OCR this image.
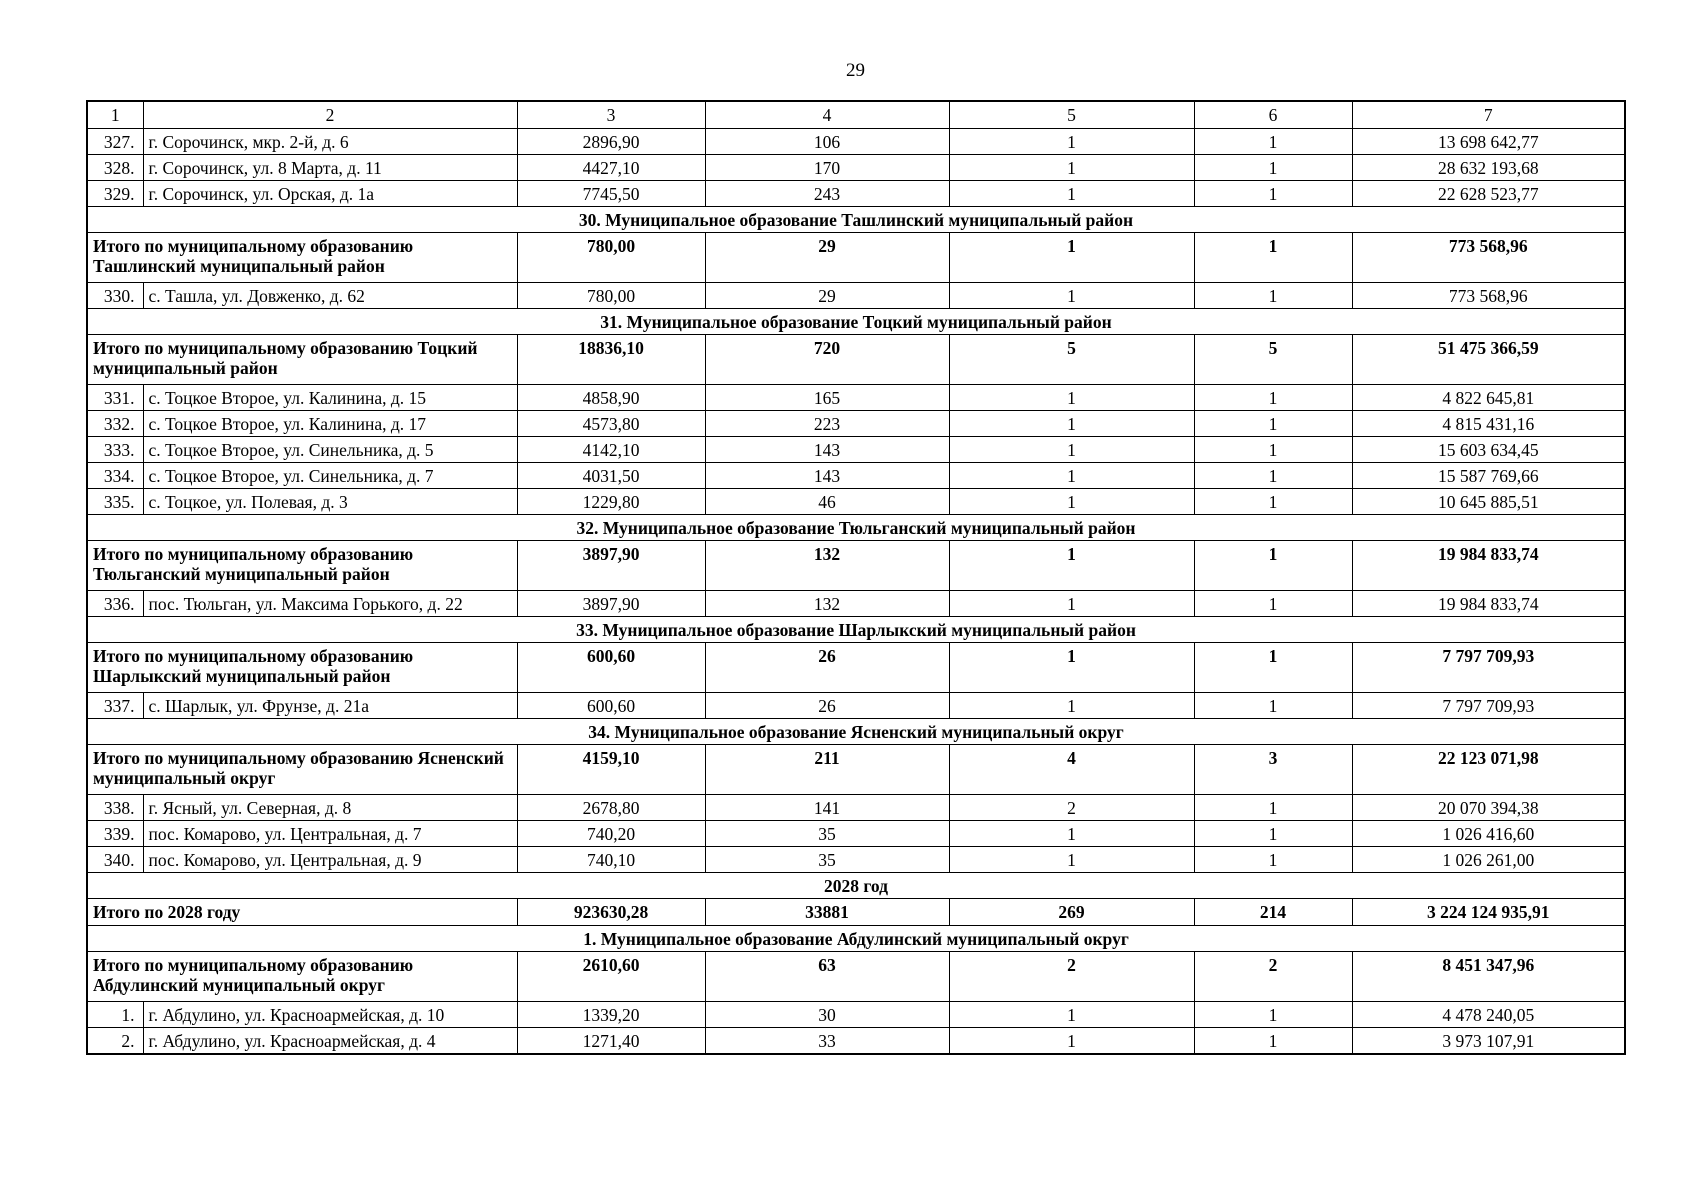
29
1	2	3	4	5	6	7
327.	г. Сорочинск, мкр. 2-й, д. 6	2896,90	106	1	1	13 698 642,77
328.	г. Сорочинск, ул. 8 Марта, д. 11	4427,10	170	1	1	28 632 193,68
329.	г. Сорочинск, ул. Орская, д. 1а	7745,50	243	1	1	22 628 523,77
30. Муниципальное образование Ташлинский муниципальный район						
Итого по муниципальному образованию Ташлинский муниципальный район		780,00	29	1	1	773 568,96
330.	с. Ташла, ул. Довженко, д. 62	780,00	29	1	1	773 568,96
31. Муниципальное образование Тоцкий муниципальный район						
Итого по муниципальному образованию Тоцкий муниципальный район		18836,10	720	5	5	51 475 366,59
331.	с. Тоцкое Второе, ул. Калинина, д. 15	4858,90	165	1	1	4 822 645,81
332.	с. Тоцкое Второе, ул. Калинина, д. 17	4573,80	223	1	1	4 815 431,16
333.	с. Тоцкое Второе, ул. Синельника, д. 5	4142,10	143	1	1	15 603 634,45
334.	с. Тоцкое Второе, ул. Синельника, д. 7	4031,50	143	1	1	15 587 769,66
335.	с. Тоцкое, ул. Полевая, д. 3	1229,80	46	1	1	10 645 885,51
32. Муниципальное образование Тюльганский муниципальный район						
Итого по муниципальному образованию Тюльганский муниципальный район		3897,90	132	1	1	19 984 833,74
336.	пос. Тюльган, ул. Максима Горького, д. 22	3897,90	132	1	1	19 984 833,74
33. Муниципальное образование Шарлыкский муниципальный район						
Итого по муниципальному образованию Шарлыкский муниципальный район		600,60	26	1	1	7 797 709,93
337.	с. Шарлык, ул. Фрунзе, д. 21а	600,60	26	1	1	7 797 709,93
34. Муниципальное образование Ясненский муниципальный округ						
Итого по муниципальному образованию Ясненский муниципальный округ		4159,10	211	4	3	22 123 071,98
338.	г. Ясный, ул. Северная, д. 8	2678,80	141	2	1	20 070 394,38
339.	пос. Комарово, ул. Центральная, д. 7	740,20	35	1	1	1 026 416,60
340.	пос. Комарово, ул. Центральная, д. 9	740,10	35	1	1	1 026 261,00
2028 год						
Итого по 2028 году		923630,28	33881	269	214	3 224 124 935,91
1. Муниципальное образование Абдулинский муниципальный округ						
Итого по муниципальному образованию Абдулинский муниципальный округ		2610,60	63	2	2	8 451 347,96
1.	г. Абдулино, ул. Красноармейская, д. 10	1339,20	30	1	1	4 478 240,05
2.	г. Абдулино, ул. Красноармейская, д. 4	1271,40	33	1	1	3 973 107,91
